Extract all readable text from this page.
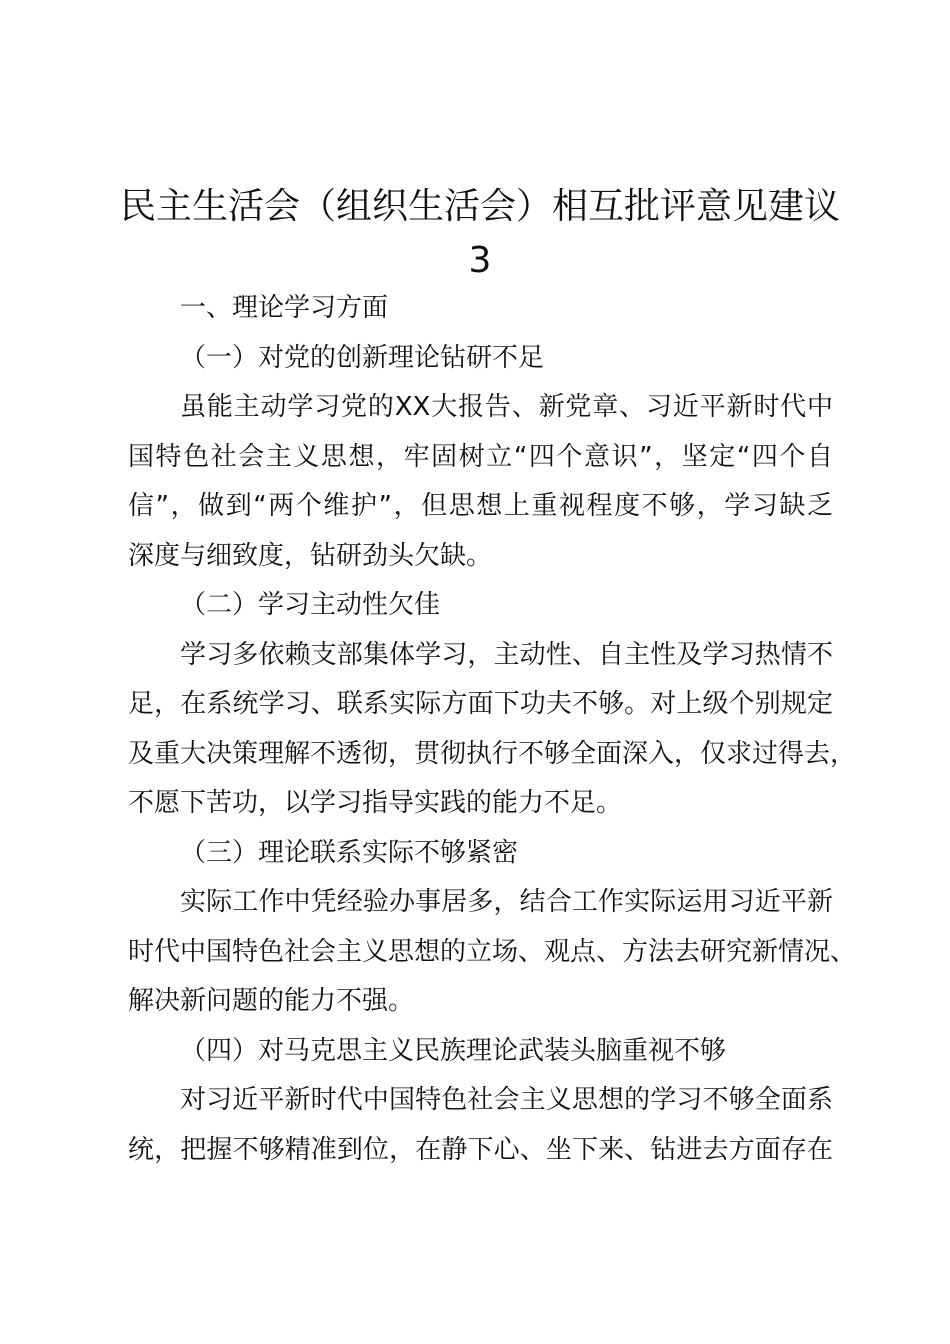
民主生活会（组织生活会）相互批评意见建议
3
一、理论学习方面
（一）对党的创新理论钻研不足
虽能主动学习党的XX大报告、新党章、习近平新时代中
国特色社会主义思想，牢固树立“四个意识”，坚定“四个自
信”，做到“两个维护”，但思想上重视程度不够，学习缺乏
深度与细致度，钻研劲头欠缺。
（二）学习主动性欠佳
学习多依赖支部集体学习，主动性、自主性及学习热情不
足，在系统学习、联系实际方面下功夫不够。对上级个别规定
及重大决策理解不透彻，贯彻执行不够全面深入，仅求过得去，
不愿下苦功，以学习指导实践的能力不足。
（三）理论联系实际不够紧密
实际工作中凭经验办事居多，结合工作实际运用习近平新
时代中国特色社会主义思想的立场、观点、方法去研究新情况、
解决新问题的能力不强。
（四）对马克思主义民族理论武装头脑重视不够
对习近平新时代中国特色社会主义思想的学习不够全面系
统，把握不够精准到位，在静下心、坐下来、钻进去方面存在
